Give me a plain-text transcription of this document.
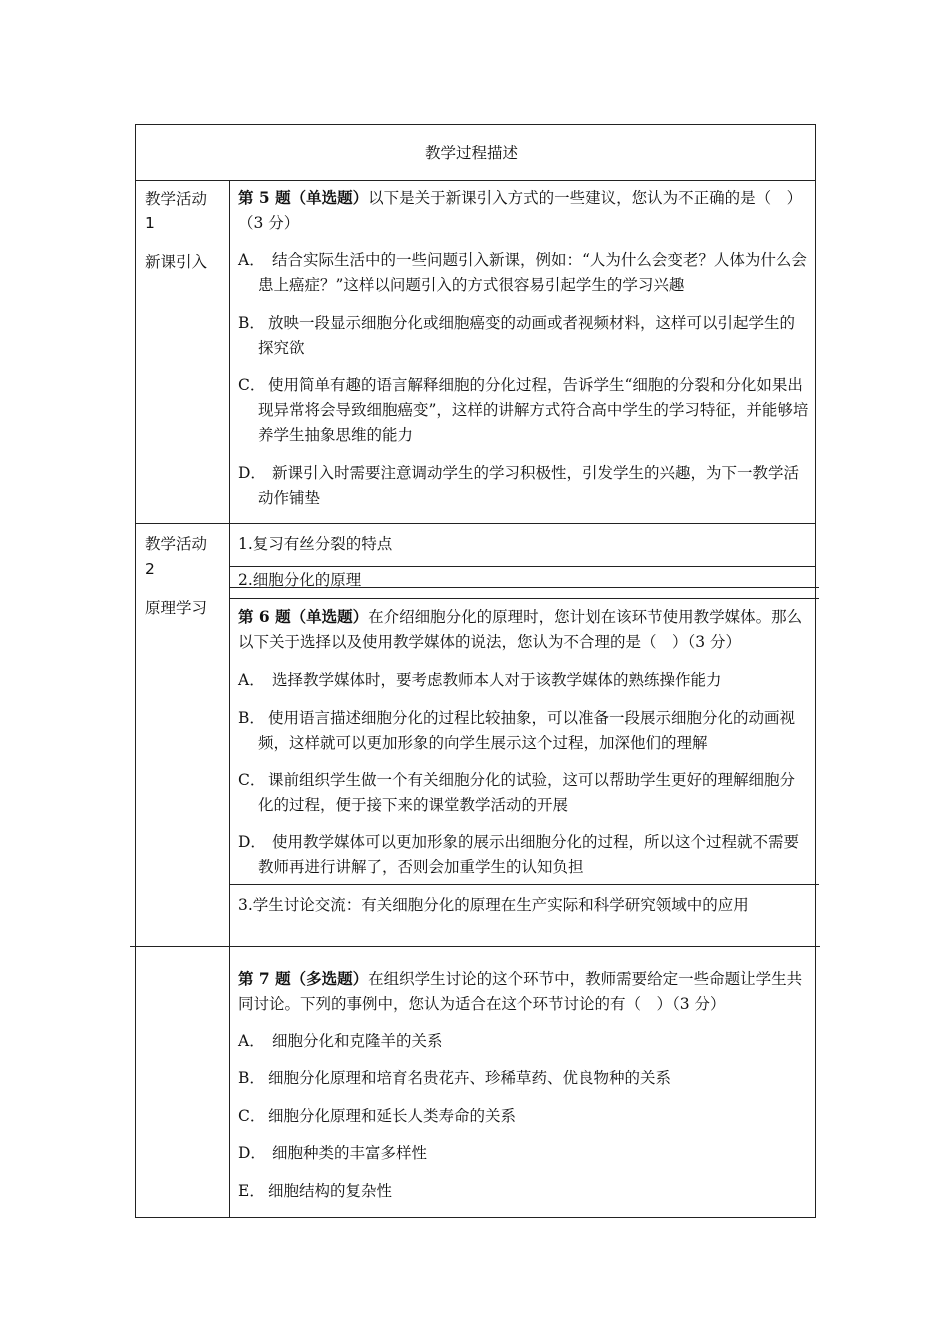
教学过程描述
教学活动
1
新课引入
第 5 题（单选题）以下是关于新课引入方式的一些建议，您认为不正确的是（　）（3 分）
A． 结合实际生活中的一些问题引入新课，例如：“人为什么会变老？人体为什么会患上癌症？”这样以问题引入的方式很容易引起学生的学习兴趣
B． 放映一段显示细胞分化或细胞癌变的动画或者视频材料，这样可以引起学生的探究欲
C． 使用简单有趣的语言解释细胞的分化过程，告诉学生“细胞的分裂和分化如果出现异常将会导致细胞癌变”，这样的讲解方式符合高中学生的学习特征，并能够培养学生抽象思维的能力
D． 新课引入时需要注意调动学生的学习积极性，引发学生的兴趣，为下一教学活动作铺垫
教学活动
2
原理学习
1.复习有丝分裂的特点
2.细胞分化的原理
第 6 题（单选题）在介绍细胞分化的原理时，您计划在该环节使用教学媒体。那么以下关于选择以及使用教学媒体的说法，您认为不合理的是（　）（3 分）
A． 选择教学媒体时，要考虑教师本人对于该教学媒体的熟练操作能力
B． 使用语言描述细胞分化的过程比较抽象，可以准备一段展示细胞分化的动画视频，这样就可以更加形象的向学生展示这个过程，加深他们的理解
C． 课前组织学生做一个有关细胞分化的试验，这可以帮助学生更好的理解细胞分化的过程，便于接下来的课堂教学活动的开展
D． 使用教学媒体可以更加形象的展示出细胞分化的过程，所以这个过程就不需要教师再进行讲解了，否则会加重学生的认知负担
3.学生讨论交流：有关细胞分化的原理在生产实际和科学研究领域中的应用
第 7 题（多选题）在组织学生讨论的这个环节中，教师需要给定一些命题让学生共同讨论。下列的事例中，您认为适合在这个环节讨论的有（　）（3 分）
A． 细胞分化和克隆羊的关系
B． 细胞分化原理和培育名贵花卉、珍稀草药、优良物种的关系
C． 细胞分化原理和延长人类寿命的关系
D． 细胞种类的丰富多样性
E． 细胞结构的复杂性
